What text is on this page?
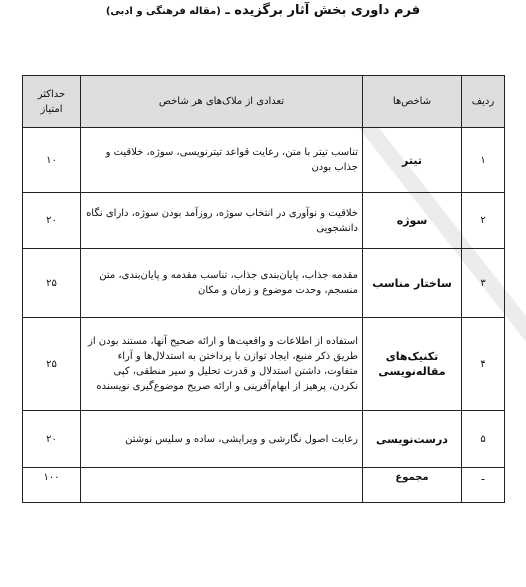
فرم داوری بخش آثار برگزیده ـ (مقاله فرهنگی و ادبی)
ردیف	شاخص‌ها	تعدادی از ملاک‌های هر شاخص	حداکثر امتیاز
۱	تیتر	تناسب تیتر با متن، رعایت قواعد تیترنویسی، سوژه، خلاقیت و جذاب بودن	۱۰
۲	سوژه	خلاقیت و نوآوری در انتخاب سوژه، روزآمد بودن سوژه، دارای نگاه دانشجویی	۲۰
۳	ساختار مناسب	مقدمه جذاب، پایان‌بندی جذاب، تناسب مقدمه و پایان‌بندی، متن منسجم، وحدت موضوع و زمان و مکان	۲۵
۴	تکنیک‌های مقاله‌نویسی	استفاده از اطلاعات و واقعیت‌ها و ارائه صحیح آنها، مستند بودن از طریق ذکر منبع، ایجاد توازن با پرداختن به استدلال‌ها و آراء متفاوت، داشتن استدلال و قدرت تحلیل و سیر منطقی، کپی نکردن، پرهیز از ابهام‌آفرینی و ارائه صریح موضوع‌گیری نویسنده	۲۵
۵	درست‌نویسی	رعایت اصول نگارشی و ویرایشی، ساده و سلیس نوشتن	۲۰
ـ	مجموع		۱۰۰
